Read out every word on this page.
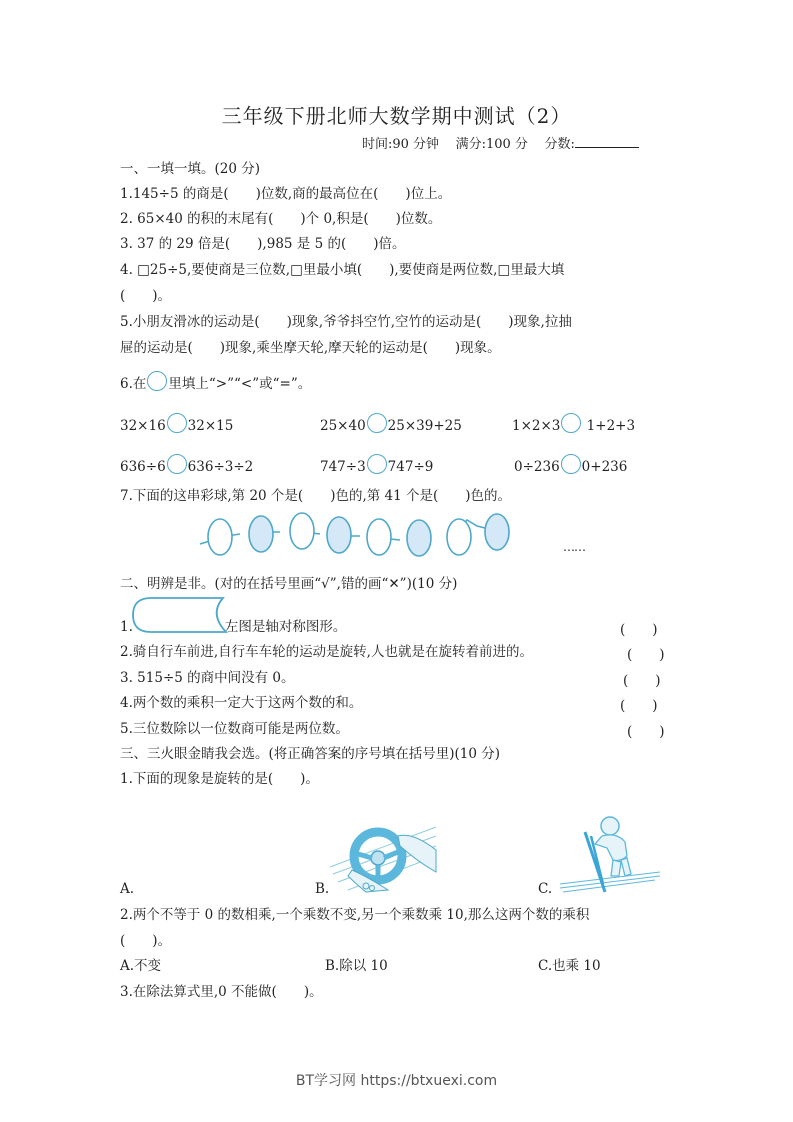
三年级下册北师大数学期中测试（2）
时间:90 分钟 满分:100 分 分数:
一、一填一填。(20 分)
1.145÷5 的商是(　　)位数,商的最高位在(　　)位上。
2. 65×40 的积的末尾有(　　)个 0,积是(　　)位数。
3. 37 的 29 倍是(　　),985 是 5 的(　　)倍。
4. □25÷5,要使商是三位数,□里最小填(　　),要使商是两位数,□里最大填
(　　)。
5.小朋友滑冰的运动是(　　)现象,爷爷抖空竹,空竹的运动是(　　)现象,拉抽
屉的运动是(　　)现象,乘坐摩天轮,摩天轮的运动是(　　)现象。
6.在 里填上“>”“<”或“=”。
32×16 32×15	25×40 25×39+25	1×2×3 1+2+3
636÷6 636÷3÷2	747÷3 747÷9	0÷236 0+236
7.下面的这串彩球,第 20 个是(　　)色的,第 41 个是(　　)色的。
……
二、明辨是非。(对的在括号里画“√”,错的画“✕”)(10 分)
1.	左图是轴对称图形。	(　　)
2.骑自行车前进,自行车车轮的运动是旋转,人也就是在旋转着前进的。	(　　)
3. 515÷5 的商中间没有 0。	(　　)
4.两个数的乘积一定大于这两个数的和。	(　　)
5.三位数除以一位数商可能是两位数。	(　　)
三、三火眼金睛我会选。(将正确答案的序号填在括号里)(10 分)
1.下面的现象是旋转的是(　　)。
A.	B.	C.
2.两个不等于 0 的数相乘,一个乘数不变,另一个乘数乘 10,那么这两个数的乘积
(　　)。
A.不变	B.除以 10	C.也乘 10
3.在除法算式里,0 不能做(　　)。
BT学习网 https://btxuexi.com
